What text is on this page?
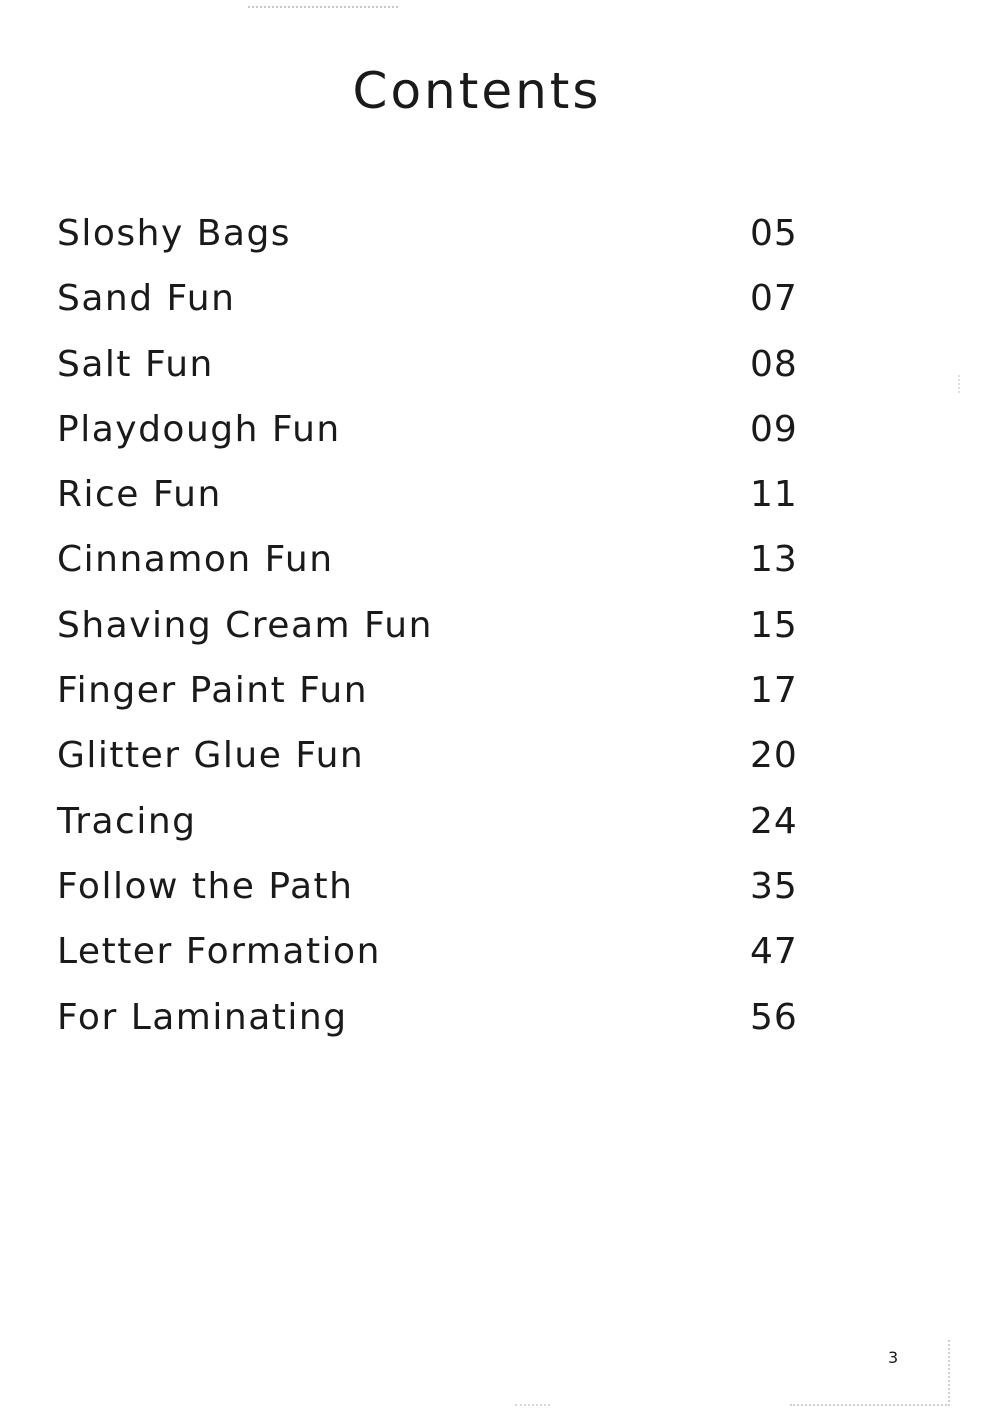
Contents
Sloshy Bags	05
Sand Fun	07
Salt Fun	08
Playdough Fun	09
Rice Fun	11
Cinnamon Fun	13
Shaving Cream Fun	15
Finger Paint Fun	17
Glitter Glue Fun	20
Tracing	24
Follow the Path	35
Letter Formation	47
For Laminating	56
3
